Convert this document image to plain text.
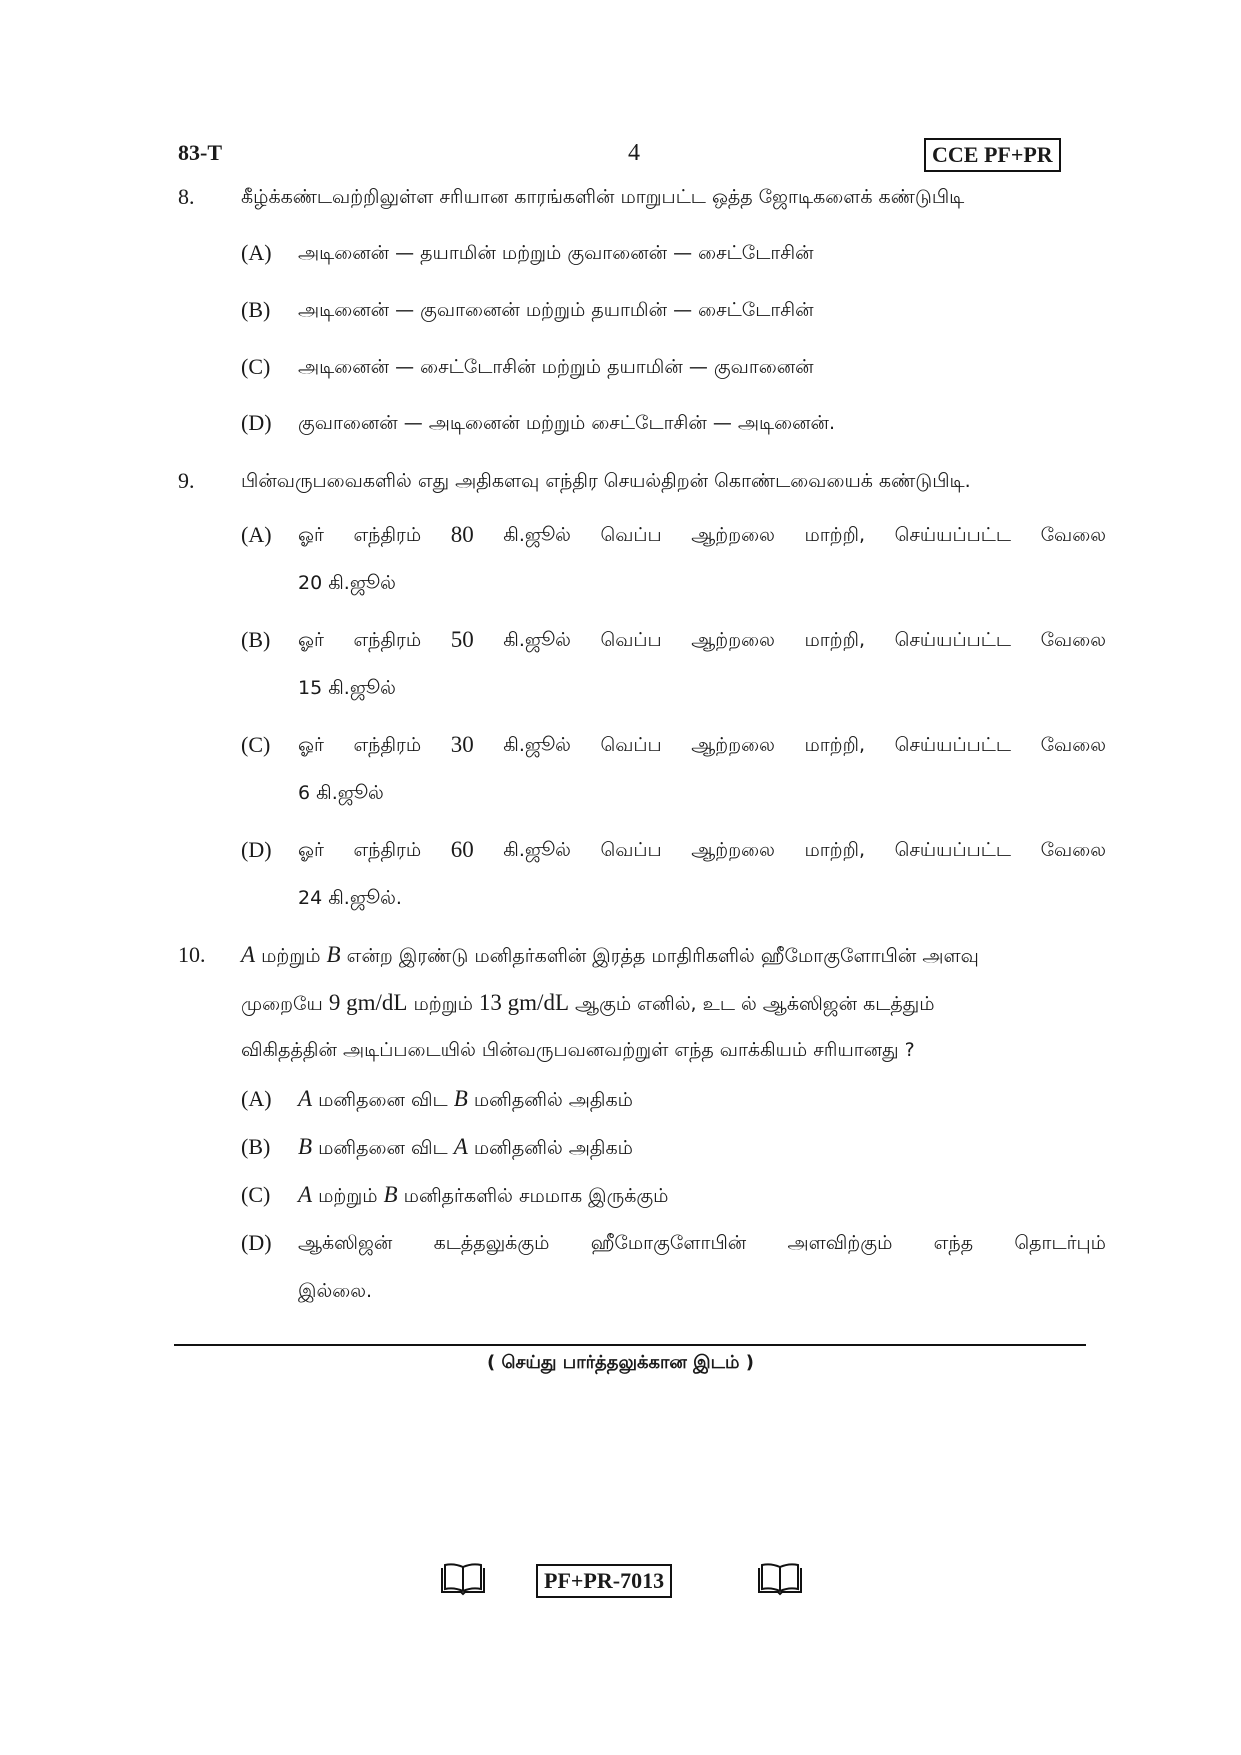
83-T	4	CCE PF+PR
8. கீழ்க்கண்டவற்றிலுள்ள சரியான காரங்களின் மாறுபட்ட ஒத்த ஜோடிகளைக் கண்டுபிடி
(A) அடினைன் — தயாமின் மற்றும் குவானைன் — சைட்டோசின்
(B) அடினைன் — குவானைன் மற்றும் தயாமின் — சைட்டோசின்
(C) அடினைன் — சைட்டோசின் மற்றும் தயாமின் — குவானைன்
(D) குவானைன் — அடினைன் மற்றும் சைட்டோசின் — அடினைன்.
9. பின்வருபவைகளில் எது அதிகளவு எந்திர செயல்திறன் கொண்டவையைக் கண்டுபிடி.
(A) ஓர் எந்திரம் 80 கி.ஜூல் வெப்ப ஆற்றலை மாற்றி, செய்யப்பட்ட வேலை
20 கி.ஜூல்
(B) ஓர் எந்திரம் 50 கி.ஜூல் வெப்ப ஆற்றலை மாற்றி, செய்யப்பட்ட வேலை
15 கி.ஜூல்
(C) ஓர் எந்திரம் 30 கி.ஜூல் வெப்ப ஆற்றலை மாற்றி, செய்யப்பட்ட வேலை
6 கி.ஜூல்
(D) ஓர் எந்திரம் 60 கி.ஜூல் வெப்ப ஆற்றலை மாற்றி, செய்யப்பட்ட வேலை
24 கி.ஜூல்.
10. A மற்றும் B என்ற இரண்டு மனிதர்களின் இரத்த மாதிரிகளில் ஹீமோகுளோபின் அளவு
முறையே 9 gm/dL மற்றும் 13 gm/dL ஆகும் எனில், உட ல் ஆக்ஸிஜன் கடத்தும்
விகிதத்தின் அடிப்படையில் பின்வருபவனவற்றுள் எந்த வாக்கியம் சரியானது ?
(A) A மனிதனை விட B மனிதனில் அதிகம்
(B) B மனிதனை விட A மனிதனில் அதிகம்
(C) A மற்றும் B மனிதர்களில் சமமாக இருக்கும்
(D) ஆக்ஸிஜன் கடத்தலுக்கும் ஹீமோகுளோபின் அளவிற்கும் எந்த தொடர்பும்
இல்லை.
( செய்து பார்த்தலுக்கான இடம் )
PF+PR-7013
